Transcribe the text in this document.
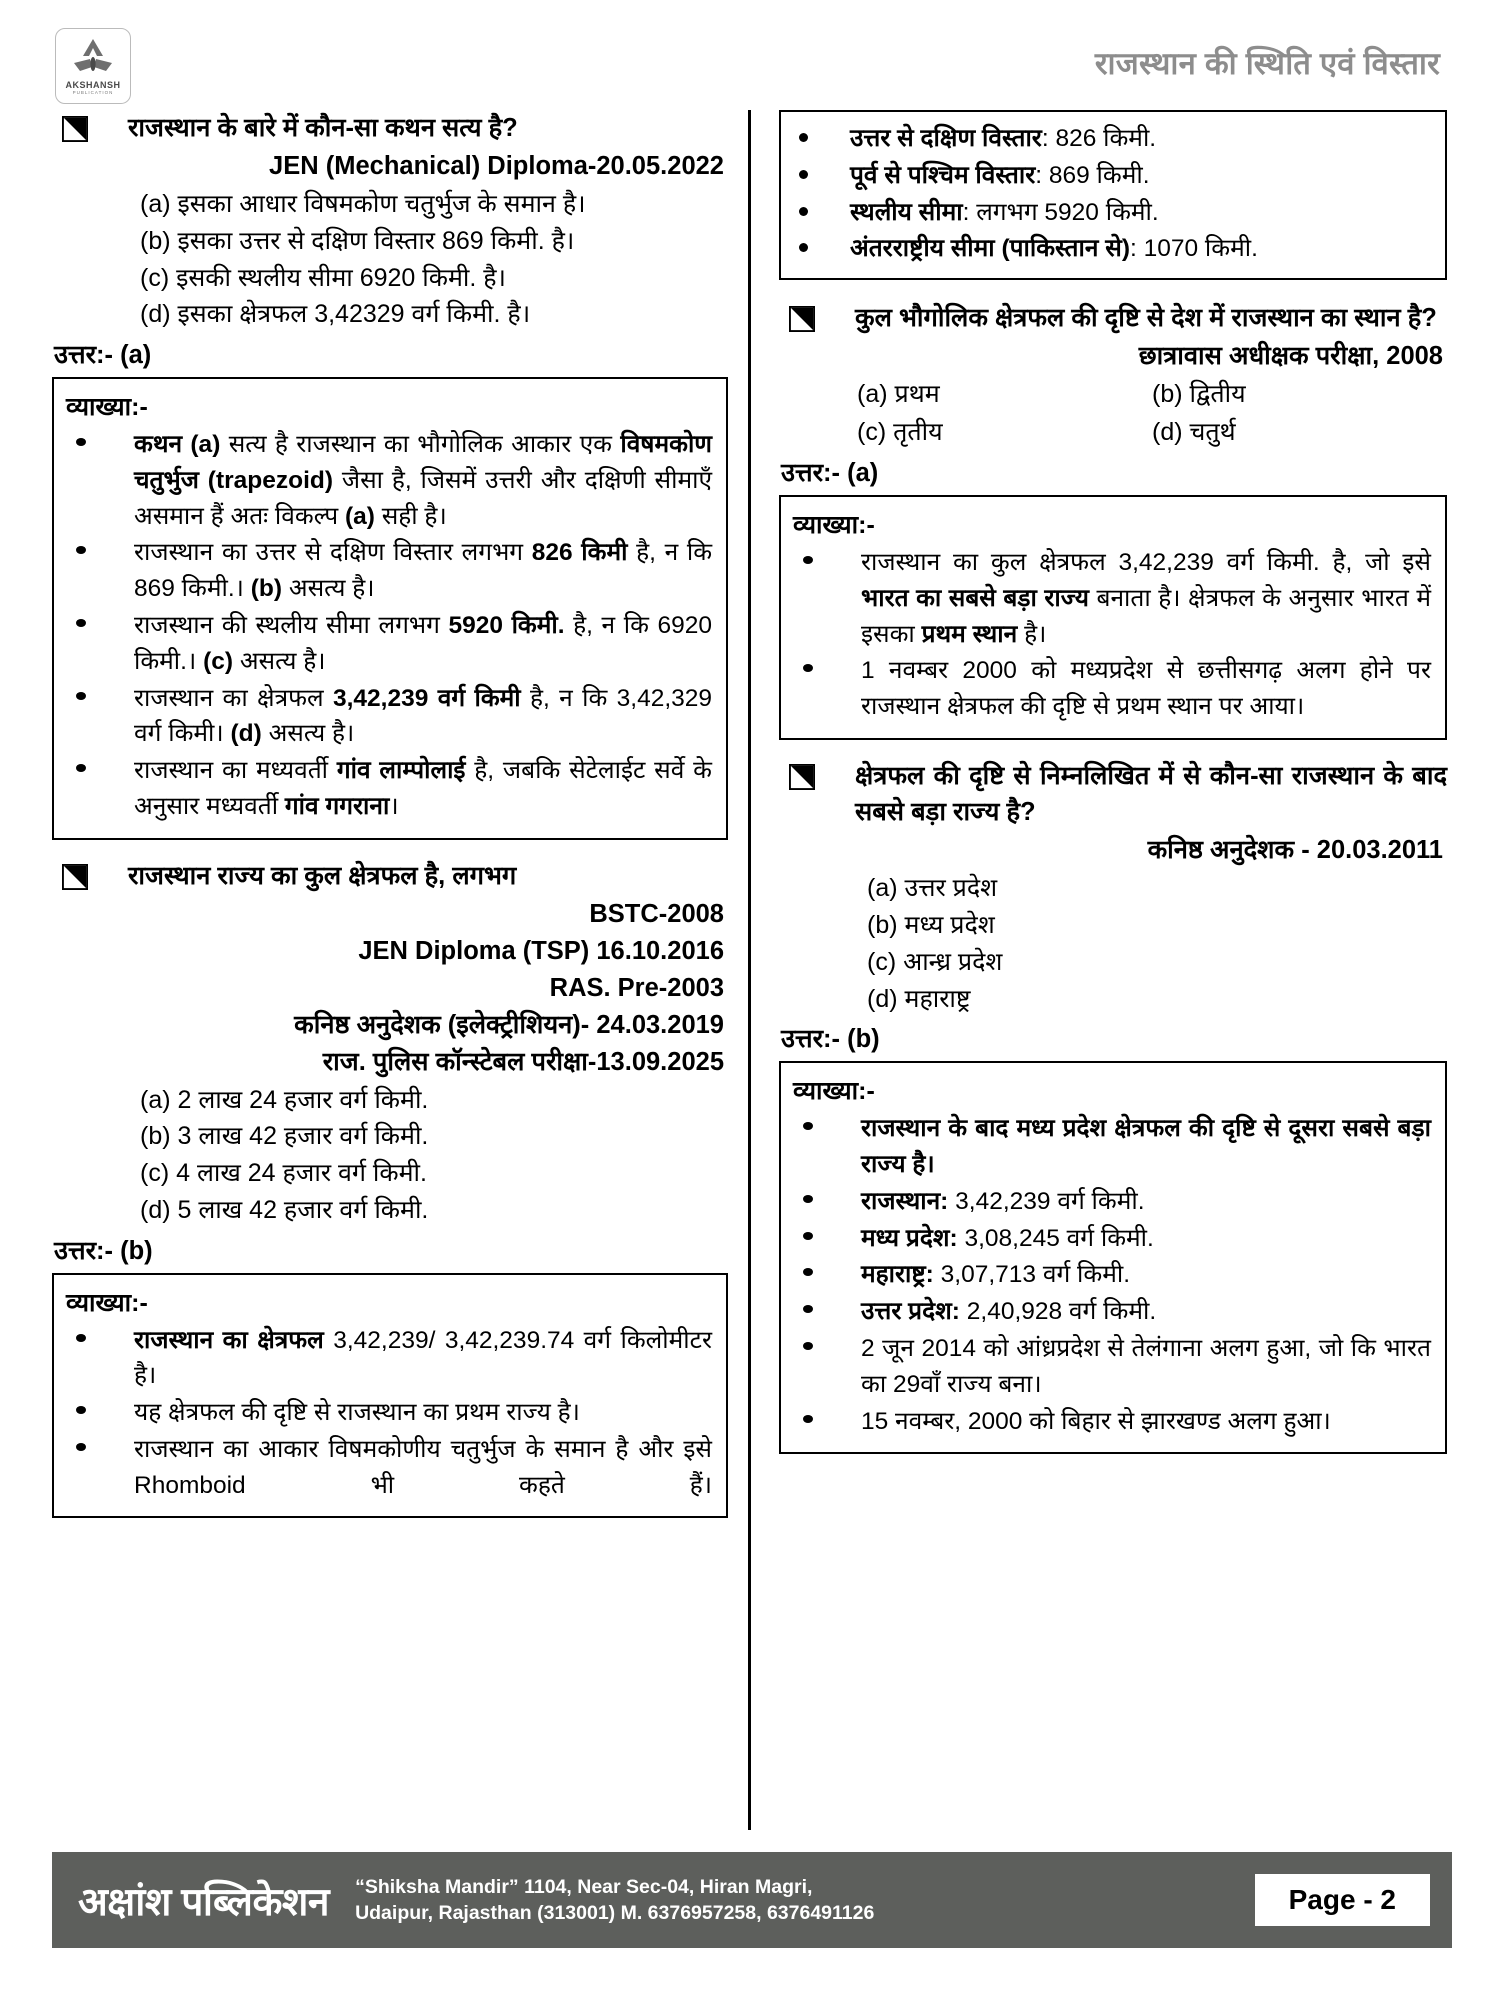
AKSHANSH
PUBLICATION
राजस्थान की स्थिति एवं विस्तार
राजस्थान के बारे में कौन-सा कथन सत्य है?
JEN (Mechanical) Diploma-20.05.2022
(a) इसका आधार विषमकोण चतुर्भुज के समान है।
(b) इसका उत्तर से दक्षिण विस्तार 869 किमी. है।
(c) इसकी स्थलीय सीमा 6920 किमी. है।
(d) इसका क्षेत्रफल 3,42329 वर्ग किमी. है।
उत्तर:- (a)
व्याख्या:-
कथन (a) सत्य है राजस्थान का भौगोलिक आकार एक विषमकोण चतुर्भुज (trapezoid) जैसा है, जिसमें उत्तरी और दक्षिणी सीमाएँ असमान हैं अतः विकल्प (a) सही है।
राजस्थान का उत्तर से दक्षिण विस्तार लगभग 826 किमी है, न कि 869 किमी.। (b) असत्य है।
राजस्थान की स्थलीय सीमा लगभग 5920 किमी. है, न कि 6920 किमी.। (c) असत्य है।
राजस्थान का क्षेत्रफल 3,42,239 वर्ग किमी है, न कि 3,42,329 वर्ग किमी। (d) असत्य है।
राजस्थान का मध्यवर्ती गांव लाम्पोलाई है, जबकि सेटेलाईट सर्वे के अनुसार मध्यवर्ती गांव गगराना।
राजस्थान राज्य का कुल क्षेत्रफल है, लगभग
BSTC-2008
JEN Diploma (TSP) 16.10.2016
RAS. Pre-2003
कनिष्ठ अनुदेशक (इलेक्ट्रीशियन)- 24.03.2019
राज. पुलिस कॉन्स्टेबल परीक्षा-13.09.2025
(a) 2 लाख 24 हजार वर्ग किमी.
(b) 3 लाख 42 हजार वर्ग किमी.
(c) 4 लाख 24 हजार वर्ग किमी.
(d) 5 लाख 42 हजार वर्ग किमी.
उत्तर:- (b)
व्याख्या:-
राजस्थान का क्षेत्रफल 3,42,239/ 3,42,239.74 वर्ग किलोमीटर है।
यह क्षेत्रफल की दृष्टि से राजस्थान का प्रथम राज्य है।
राजस्थान का आकार विषमकोणीय चतुर्भुज के समान है और इसे Rhomboid भी कहते हैं।
उत्तर से दक्षिण विस्तार: 826 किमी.
पूर्व से पश्चिम विस्तार: 869 किमी.
स्थलीय सीमा: लगभग 5920 किमी.
अंतरराष्ट्रीय सीमा (पाकिस्तान से): 1070 किमी.
कुल भौगोलिक क्षेत्रफल की दृष्टि से देश में राजस्थान का स्थान है?
छात्रावास अधीक्षक परीक्षा, 2008
(a) प्रथम	(b) द्वितीय
(c) तृतीय	(d) चतुर्थ
उत्तर:- (a)
व्याख्या:-
राजस्थान का कुल क्षेत्रफल 3,42,239 वर्ग किमी. है, जो इसे भारत का सबसे बड़ा राज्य बनाता है। क्षेत्रफल के अनुसार भारत में इसका प्रथम स्थान है।
1 नवम्बर 2000 को मध्यप्रदेश से छत्तीसगढ़ अलग होने पर राजस्थान क्षेत्रफल की दृष्टि से प्रथम स्थान पर आया।
क्षेत्रफल की दृष्टि से निम्नलिखित में से कौन-सा राजस्थान के बाद सबसे बड़ा राज्य है?
कनिष्ठ अनुदेशक - 20.03.2011
(a) उत्तर प्रदेश
(b) मध्य प्रदेश
(c) आन्ध्र प्रदेश
(d) महाराष्ट्र
उत्तर:- (b)
व्याख्या:-
राजस्थान के बाद मध्य प्रदेश क्षेत्रफल की दृष्टि से दूसरा सबसे बड़ा राज्य है।
राजस्थान: 3,42,239 वर्ग किमी.
मध्य प्रदेश: 3,08,245 वर्ग किमी.
महाराष्ट्र: 3,07,713 वर्ग किमी.
उत्तर प्रदेश: 2,40,928 वर्ग किमी.
2 जून 2014 को आंध्रप्रदेश से तेलंगाना अलग हुआ, जो कि भारत का 29वॉं राज्य बना।
15 नवम्बर, 2000 को बिहार से झारखण्ड अलग हुआ।
अक्षांश पब्लिकेशन “Shiksha Mandir” 1104, Near Sec-04, Hiran Magri,
Udaipur, Rajasthan (313001) M. 6376957258, 6376491126	Page - 2
